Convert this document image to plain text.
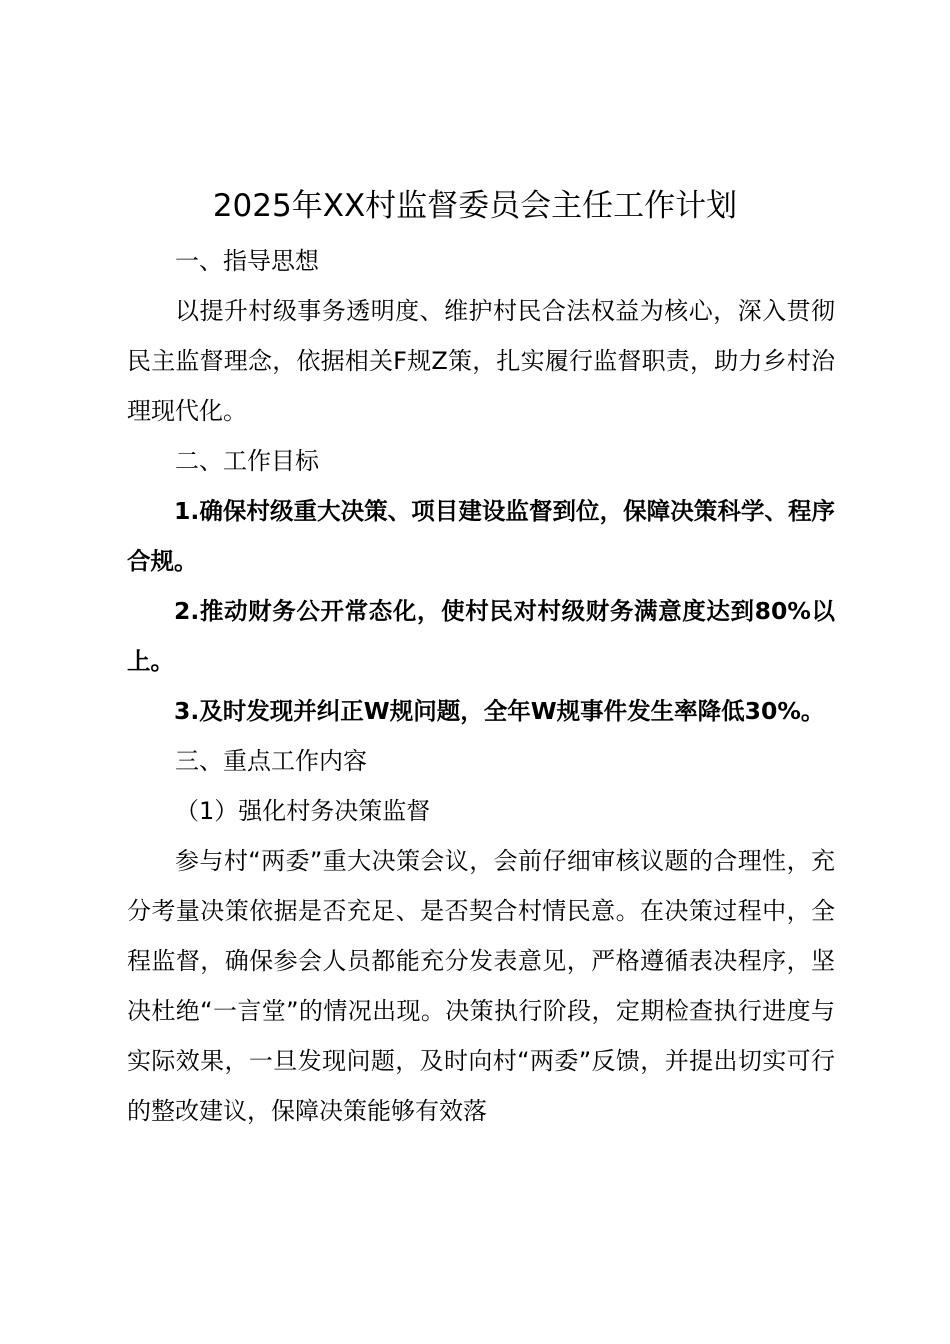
2025年XX村监督委员会主任工作计划

一、指导思想

以提升村级事务透明度、维护村民合法权益为核心，深入贯彻民主监督理念，依据相关F规Z策，扎实履行监督职责，助力乡村治理现代化。

二、工作目标

1.确保村级重大决策、项目建设监督到位，保障决策科学、程序合规。

2.推动财务公开常态化，使村民对村级财务满意度达到80%以上。

3.及时发现并纠正W规问题，全年W规事件发生率降低30%。

三、重点工作内容

（1）强化村务决策监督

参与村“两委”重大决策会议，会前仔细审核议题的合理性，充分考量决策依据是否充足、是否契合村情民意。在决策过程中，全程监督，确保参会人员都能充分发表意见，严格遵循表决程序，坚决杜绝“一言堂”的情况出现。决策执行阶段，定期检查执行进度与实际效果，一旦发现问题，及时向村“两委”反馈，并提出切实可行的整改建议，保障决策能够有效落
